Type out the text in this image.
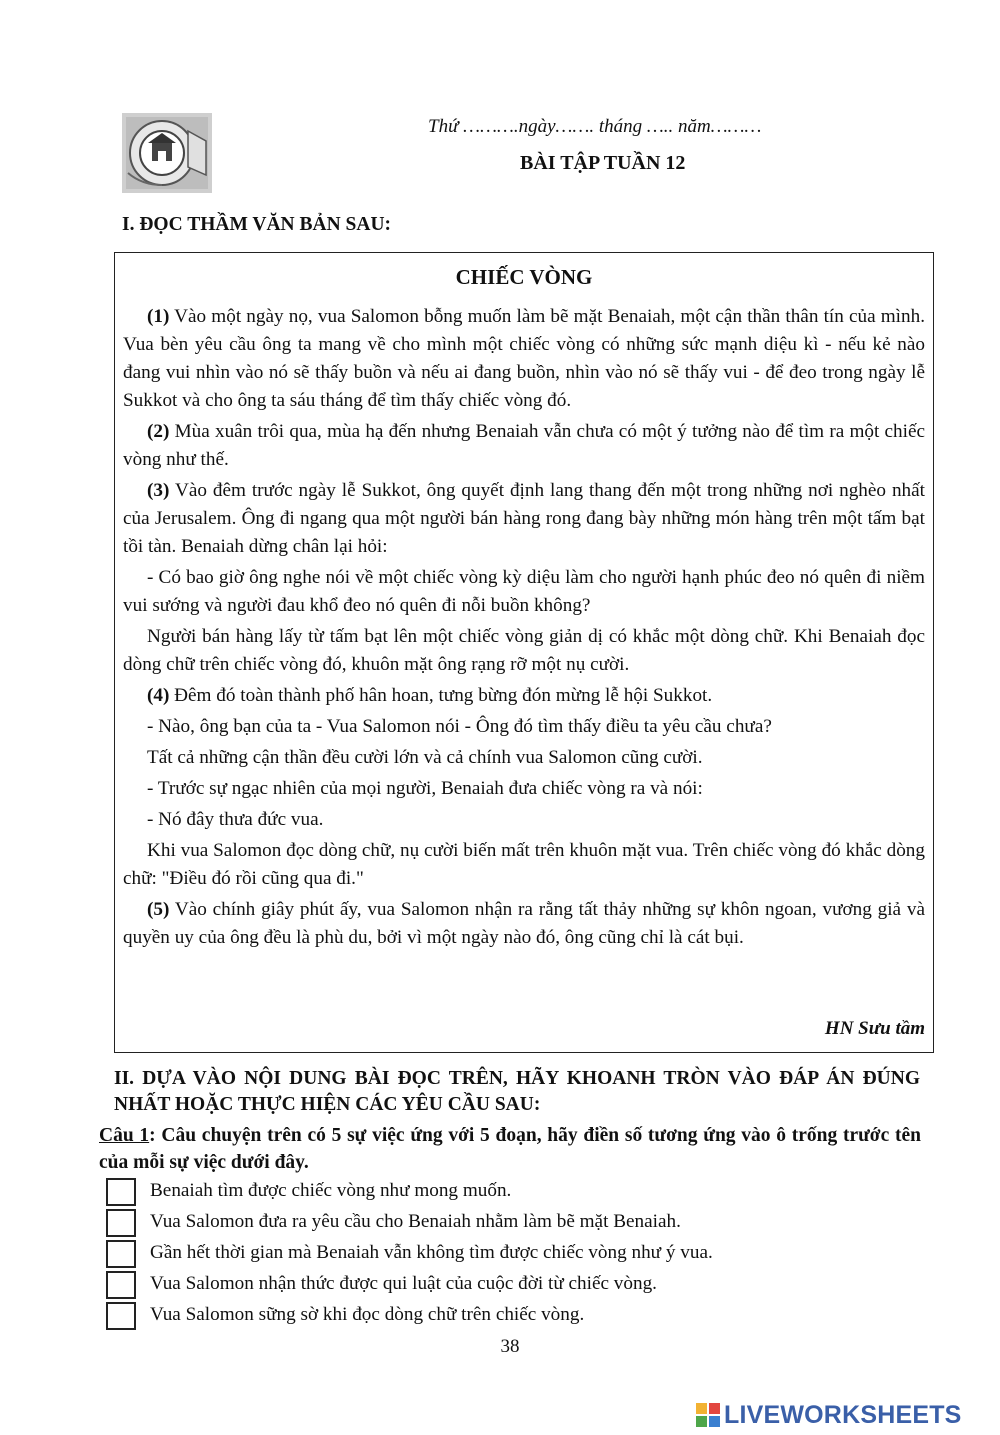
Thứ ……….ngày……. tháng ….. năm………
BÀI TẬP TUẦN 12
I. ĐỌC THẦM VĂN BẢN SAU:
CHIẾC VÒNG

(1) Vào một ngày nọ, vua Salomon bỗng muốn làm bẽ mặt Benaiah, một cận thần thân tín của mình. Vua bèn yêu cầu ông ta mang về cho mình một chiếc vòng có những sức mạnh diệu kì - nếu kẻ nào đang vui nhìn vào nó sẽ thấy buồn và nếu ai đang buồn, nhìn vào nó sẽ thấy vui - để đeo trong ngày lễ Sukkot và cho ông ta sáu tháng để tìm thấy chiếc vòng đó.

(2) Mùa xuân trôi qua, mùa hạ đến nhưng Benaiah vẫn chưa có một ý tưởng nào để tìm ra một chiếc vòng như thế.

(3) Vào đêm trước ngày lễ Sukkot, ông quyết định lang thang đến một trong những nơi nghèo nhất của Jerusalem. Ông đi ngang qua một người bán hàng rong đang bày những món hàng trên một tấm bạt tồi tàn. Benaiah dừng chân lại hỏi:

- Có bao giờ ông nghe nói về một chiếc vòng kỳ diệu làm cho người hạnh phúc đeo nó quên đi niềm vui sướng và người đau khổ đeo nó quên đi nỗi buồn không?

Người bán hàng lấy từ tấm bạt lên một chiếc vòng giản dị có khắc một dòng chữ. Khi Benaiah đọc dòng chữ trên chiếc vòng đó, khuôn mặt ông rạng rỡ một nụ cười.

(4) Đêm đó toàn thành phố hân hoan, tưng bừng đón mừng lễ hội Sukkot.

- Nào, ông bạn của ta - Vua Salomon nói - Ông đó tìm thấy điều ta yêu cầu chưa?

Tất cả những cận thần đều cười lớn và cả chính vua Salomon cũng cười.

- Trước sự ngạc nhiên của mọi người, Benaiah đưa chiếc vòng ra và nói:

- Nó đây thưa đức vua.

Khi vua Salomon đọc dòng chữ, nụ cười biến mất trên khuôn mặt vua. Trên chiếc vòng đó khắc dòng chữ: "Điều đó rồi cũng qua đi."

(5) Vào chính giây phút ấy, vua Salomon nhận ra rằng tất thảy những sự khôn ngoan, vương giả và quyền uy của ông đều là phù du, bởi vì một ngày nào đó, ông cũng chỉ là cát bụi.

HN Sưu tầm
II. DỰA VÀO NỘI DUNG BÀI ĐỌC TRÊN, HÃY KHOANH TRÒN VÀO ĐÁP ÁN ĐÚNG NHẤT HOẶC THỰC HIỆN CÁC YÊU CẦU SAU:
Câu 1: Câu chuyện trên có 5 sự việc ứng với 5 đoạn, hãy điền số tương ứng vào ô trống trước tên của mỗi sự việc dưới đây.
Benaiah tìm được chiếc vòng như mong muốn.
Vua Salomon đưa ra yêu cầu cho Benaiah nhằm làm bẽ mặt Benaiah.
Gần hết thời gian mà Benaiah vẫn không tìm được chiếc vòng như ý vua.
Vua Salomon nhận thức được qui luật của cuộc đời từ chiếc vòng.
Vua Salomon sững sờ khi đọc dòng chữ trên chiếc vòng.
38
LIVEWORKSHEETS
